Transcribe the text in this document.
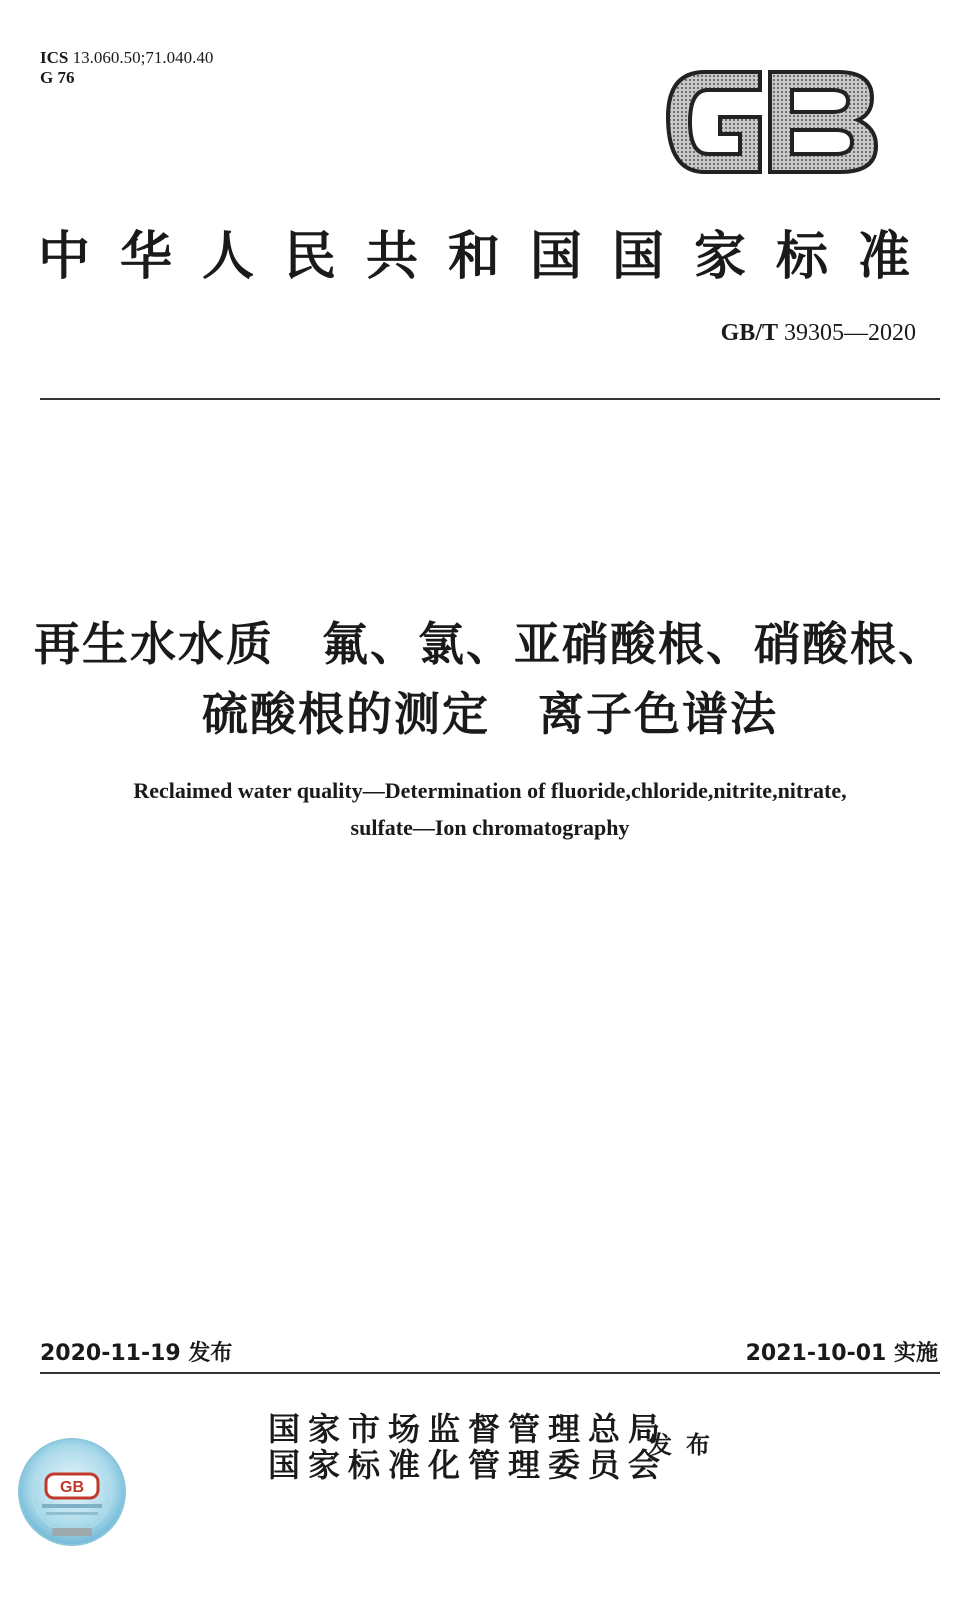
ICS 13.060.50;71.040.40
G 76
中华人民共和国国家标准
GB/T 39305—2020
再生水水质　氟、氯、亚硝酸根、硝酸根、
硫酸根的测定　离子色谱法
Reclaimed water quality—Determination of fluoride,chloride,nitrite,nitrate,
sulfate—Ion chromatography
2020-11-19 发布	2021-10-01 实施
国家市场监督管理总局
国家标准化管理委员会
发布
GB
